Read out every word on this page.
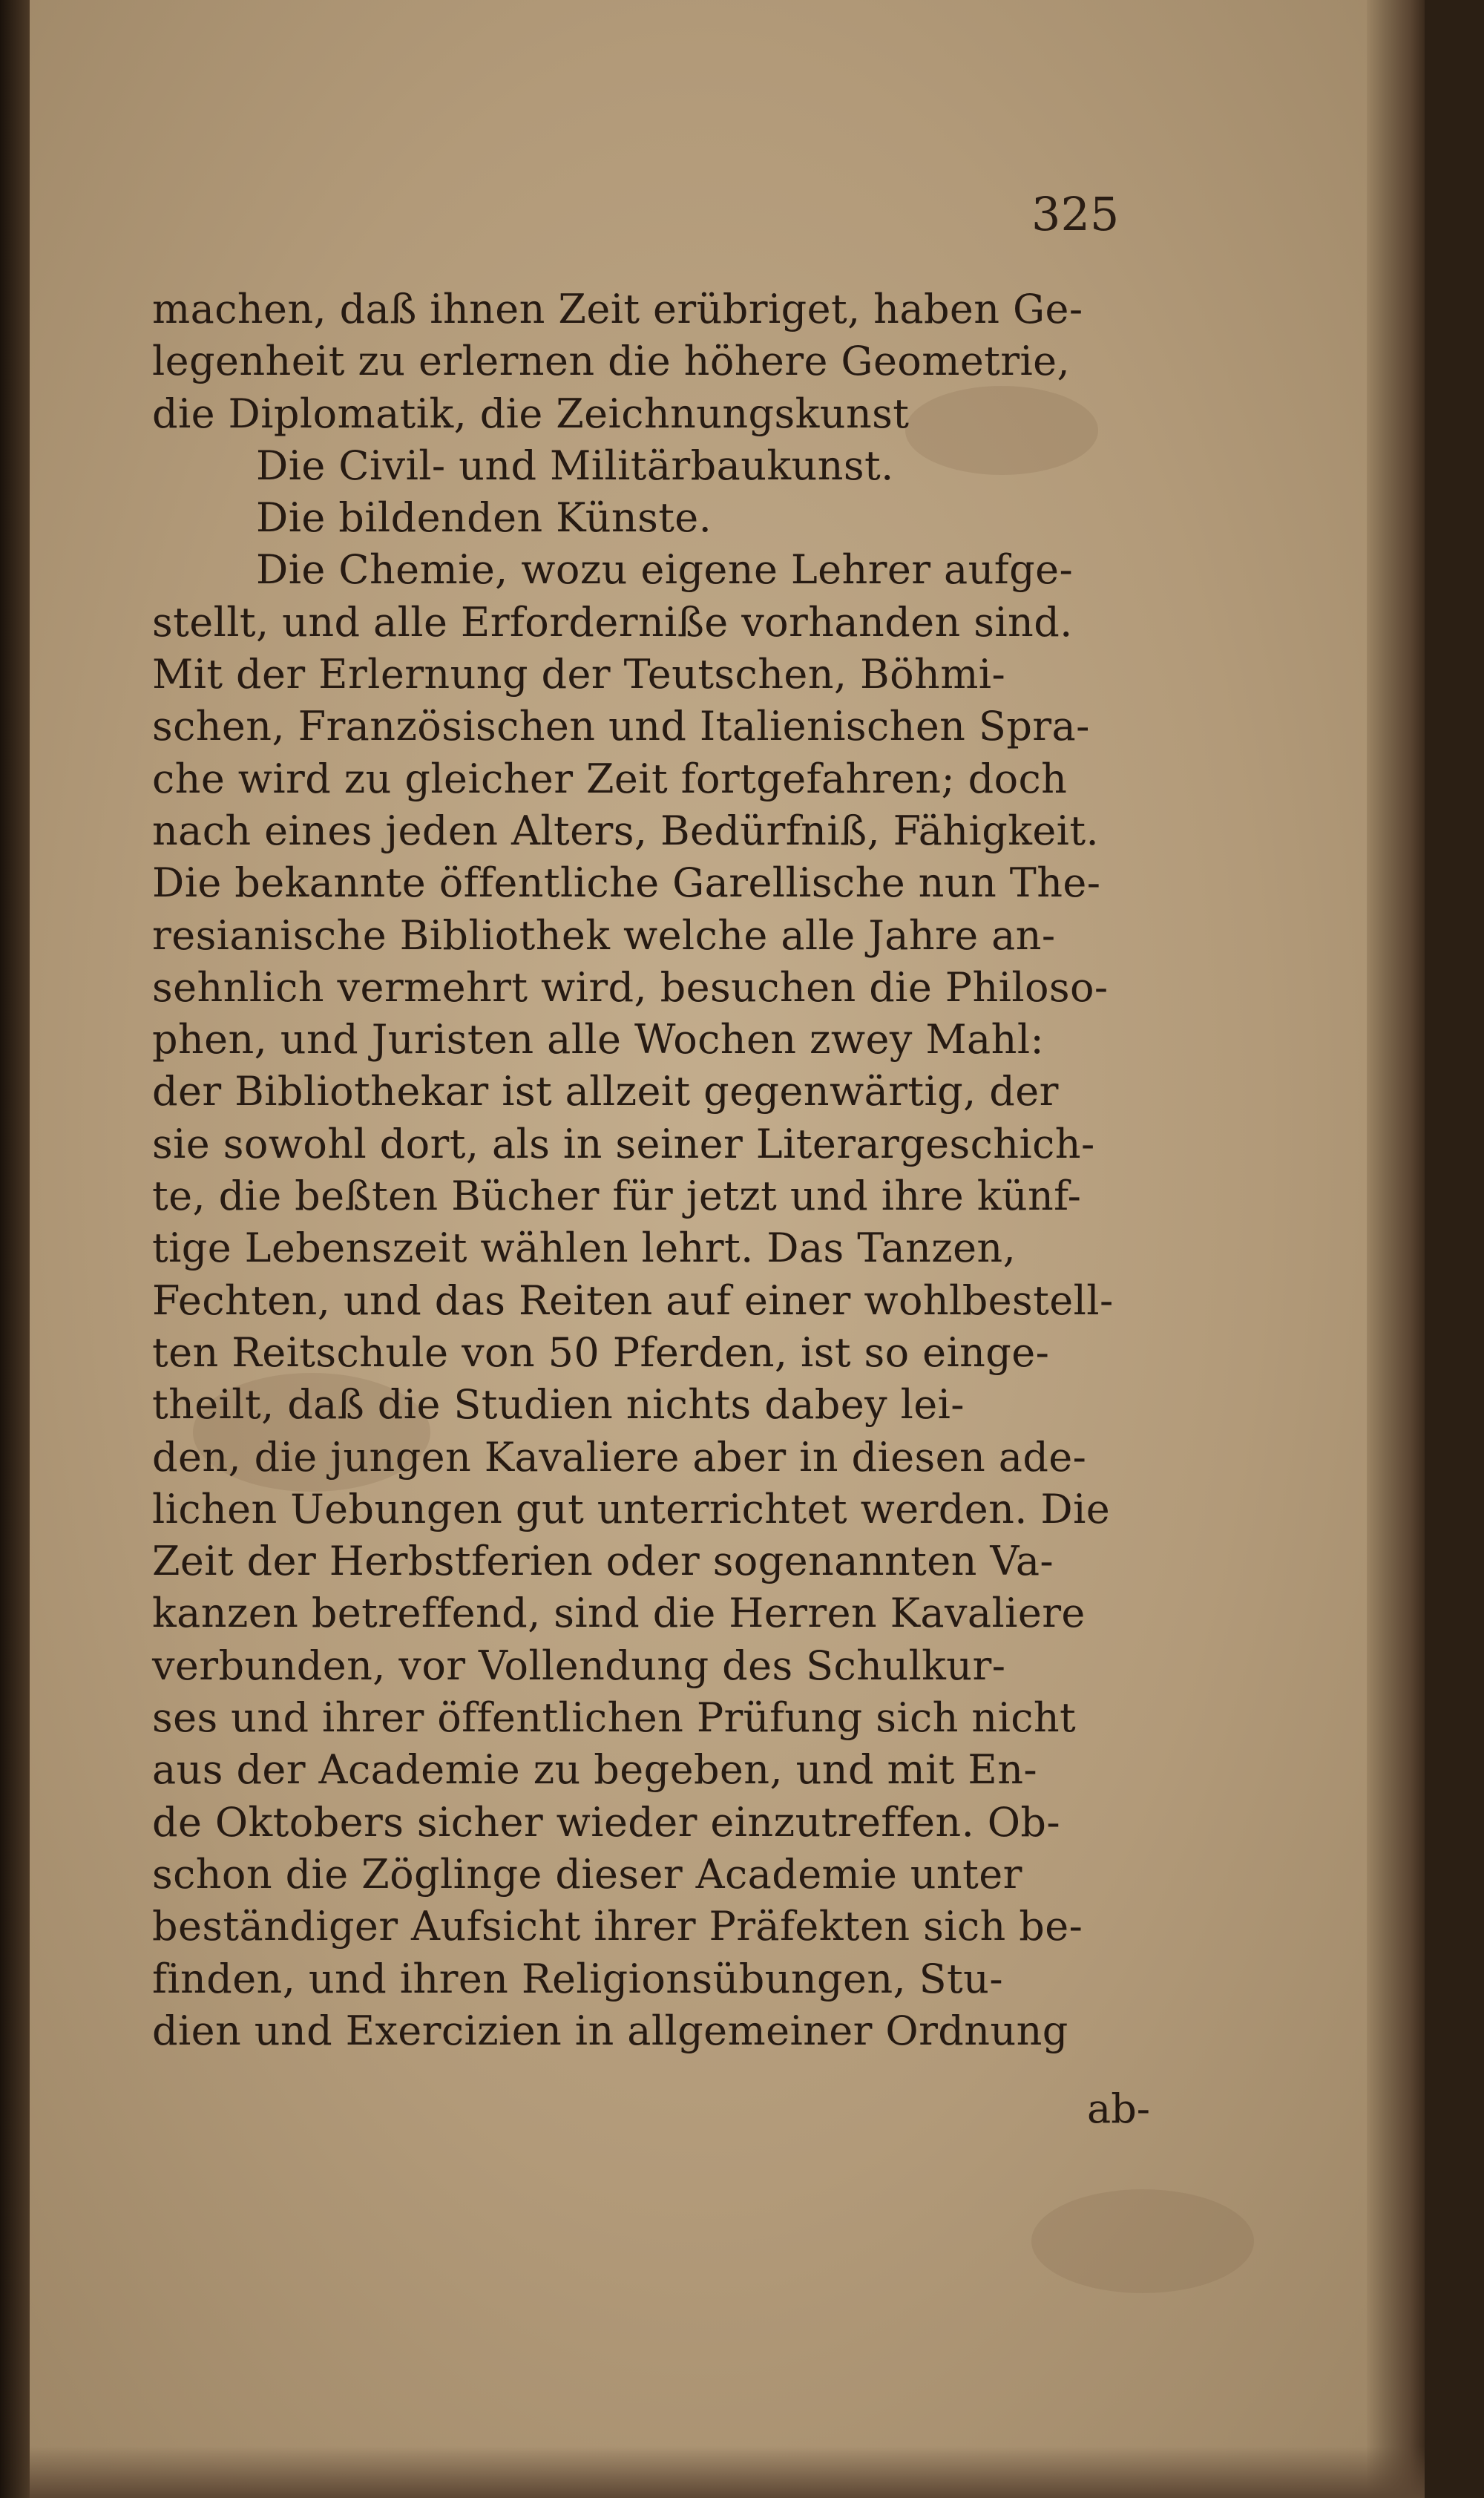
325
machen, daß ihnen Zeit erübriget, haben Ge-
legenheit zu erlernen die höhere Geometrie,
die Diplomatik, die Zeichnungskunst
Die Civil- und Militärbaukunst.
Die bildenden Künste.
Die Chemie, wozu eigene Lehrer aufge-
stellt, und alle Erforderniße vorhanden sind.
Mit der Erlernung der Teutschen, Böhmi-
schen, Französischen und Italienischen Spra-
che wird zu gleicher Zeit fortgefahren; doch
nach eines jeden Alters, Bedürfniß, Fähigkeit.
Die bekannte öffentliche Garellische nun The-
resianische Bibliothek welche alle Jahre an-
sehnlich vermehrt wird, besuchen die Philoso-
phen, und Juristen alle Wochen zwey Mahl:
der Bibliothekar ist allzeit gegenwärtig, der
sie sowohl dort, als in seiner Literargeschich-
te, die beßten Bücher für jetzt und ihre künf-
tige Lebenszeit wählen lehrt. Das Tanzen,
Fechten, und das Reiten auf einer wohlbestell-
ten Reitschule von 50 Pferden, ist so einge-
theilt, daß die Studien nichts dabey lei-
den, die jungen Kavaliere aber in diesen ade-
lichen Uebungen gut unterrichtet werden. Die
Zeit der Herbstferien oder sogenannten Va-
kanzen betreffend, sind die Herren Kavaliere
verbunden, vor Vollendung des Schulkur-
ses und ihrer öffentlichen Prüfung sich nicht
aus der Academie zu begeben, und mit En-
de Oktobers sicher wieder einzutreffen. Ob-
schon die Zöglinge dieser Academie unter
beständiger Aufsicht ihrer Präfekten sich be-
finden, und ihren Religionsübungen, Stu-
dien und Exercizien in allgemeiner Ordnung
ab-
